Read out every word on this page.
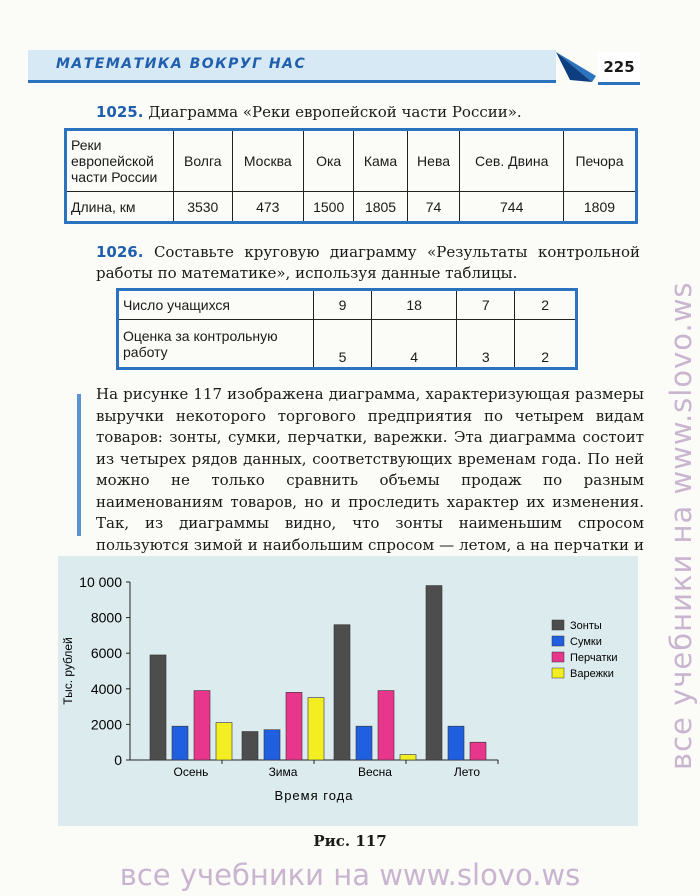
МАТЕМАТИКА ВОКРУГ НАС	225
1025. Диаграмма «Реки европейской части России».
Реки европейской части России	Волга	Москва	Ока	Кама	Нева	Сев. Двина	Печора
Длина, км	3530	473	1500	1805	74	744	1809
1026. Составьте круговую диаграмму «Результаты контрольной работы по математике», используя данные таблицы.
Число учащихся	9	18	7	2
Оценка за контрольную работу	5	4	3	2
На рисунке 117 изображена диаграмма, характеризующая размеры выручки некоторого торгового предприятия по четырем видам товаров: зонты, сумки, перчатки, варежки. Эта диаграмма состоит из четырех рядов данных, соответствующих временам года. По ней можно не только сравнить объемы продаж по разным наименованиям товаров, но и проследить характер их изменения. Так, из диаграммы видно, что зонты наименьшим спросом пользуются зимой и наибольшим спросом — летом, а на перчатки и
0
2000
4000
6000
8000
10 000
Тыс. рублей
Осень	Зима	Весна	Лето
Время года
Зонты
Сумки
Перчатки
Варежки
Рис. 117
все учебники на www.slovo.ws
все учебники на www.slovo.ws
